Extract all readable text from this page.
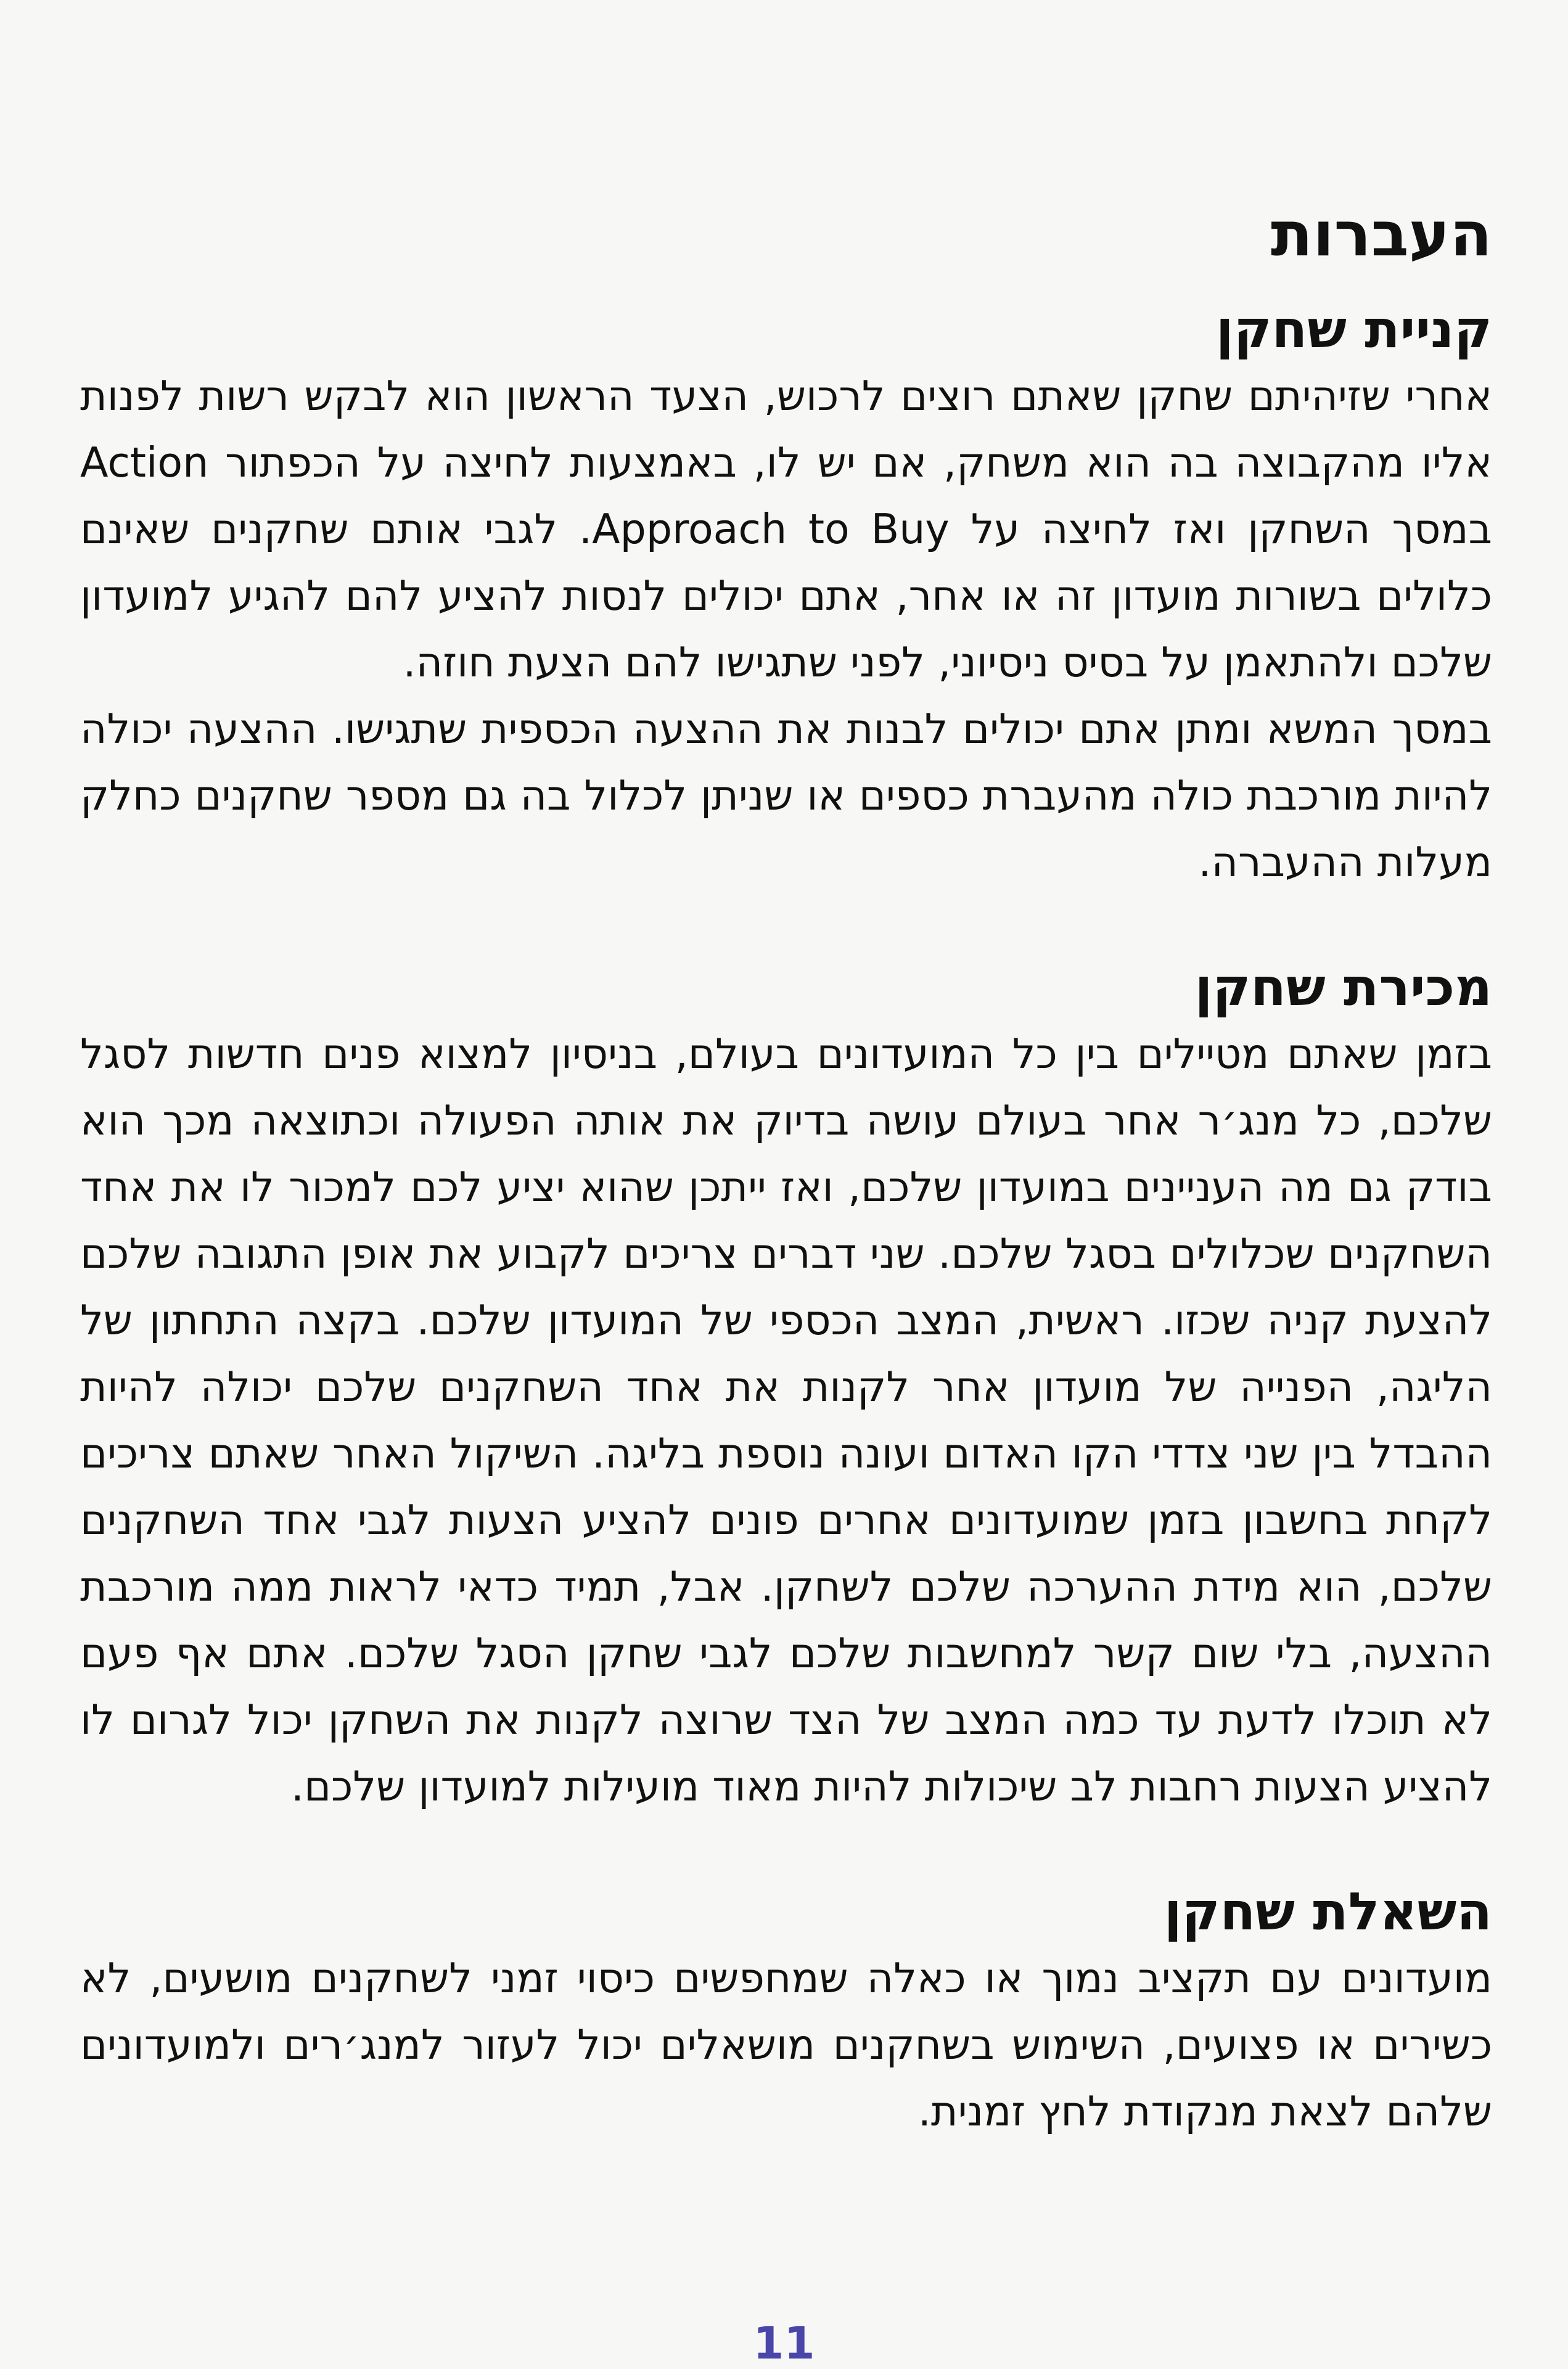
העברות
קניית שחקן

אחרי שזיהיתם שחקן שאתם רוצים לרכוש, הצעד הראשון הוא לבקש רשות לפנות אליו מהקבוצה בה הוא משחק, אם יש לו, באמצעות לחיצה על הכפתור Action במסך השחקן ואז לחיצה על Approach to Buy. לגבי אותם שחקנים שאינם כלולים בשורות מועדון זה או אחר, אתם יכולים לנסות להציע להם להגיע למועדון שלכם ולהתאמן על בסיס ניסיוני, לפני שתגישו להם הצעת חוזה.

במסך המשא ומתן אתם יכולים לבנות את ההצעה הכספית שתגישו. ההצעה יכולה להיות מורכבת כולה מהעברת כספים או שניתן לכלול בה גם מספר שחקנים כחלק מעלות ההעברה.

מכירת שחקן

בזמן שאתם מטיילים בין כל המועדונים בעולם, בניסיון למצוא פנים חדשות לסגל שלכם, כל מנג׳ר אחר בעולם עושה בדיוק את אותה הפעולה וכתוצאה מכך הוא בודק גם מה העניינים במועדון שלכם, ואז ייתכן שהוא יציע לכם למכור לו את אחד השחקנים שכלולים בסגל שלכם. שני דברים צריכים לקבוע את אופן התגובה שלכם להצעת קניה שכזו. ראשית, המצב הכספי של המועדון שלכם. בקצה התחתון של הליגה, הפנייה של מועדון אחר לקנות את אחד השחקנים שלכם יכולה להיות ההבדל בין שני צדדי הקו האדום ועונה נוספת בליגה. השיקול האחר שאתם צריכים לקחת בחשבון בזמן שמועדונים אחרים פונים להציע הצעות לגבי אחד השחקנים שלכם, הוא מידת ההערכה שלכם לשחקן. אבל, תמיד כדאי לראות ממה מורכבת ההצעה, בלי שום קשר למחשבות שלכם לגבי שחקן הסגל שלכם. אתם אף פעם לא תוכלו לדעת עד כמה המצב של הצד שרוצה לקנות את השחקן יכול לגרום לו להציע הצעות רחבות לב שיכולות להיות מאוד מועילות למועדון שלכם.

השאלת שחקן

מועדונים עם תקציב נמוך או כאלה שמחפשים כיסוי זמני לשחקנים מושעים, לא כשירים או פצועים, השימוש בשחקנים מושאלים יכול לעזור למנג׳רים ולמועדונים שלהם לצאת מנקודת לחץ זמנית.

11
